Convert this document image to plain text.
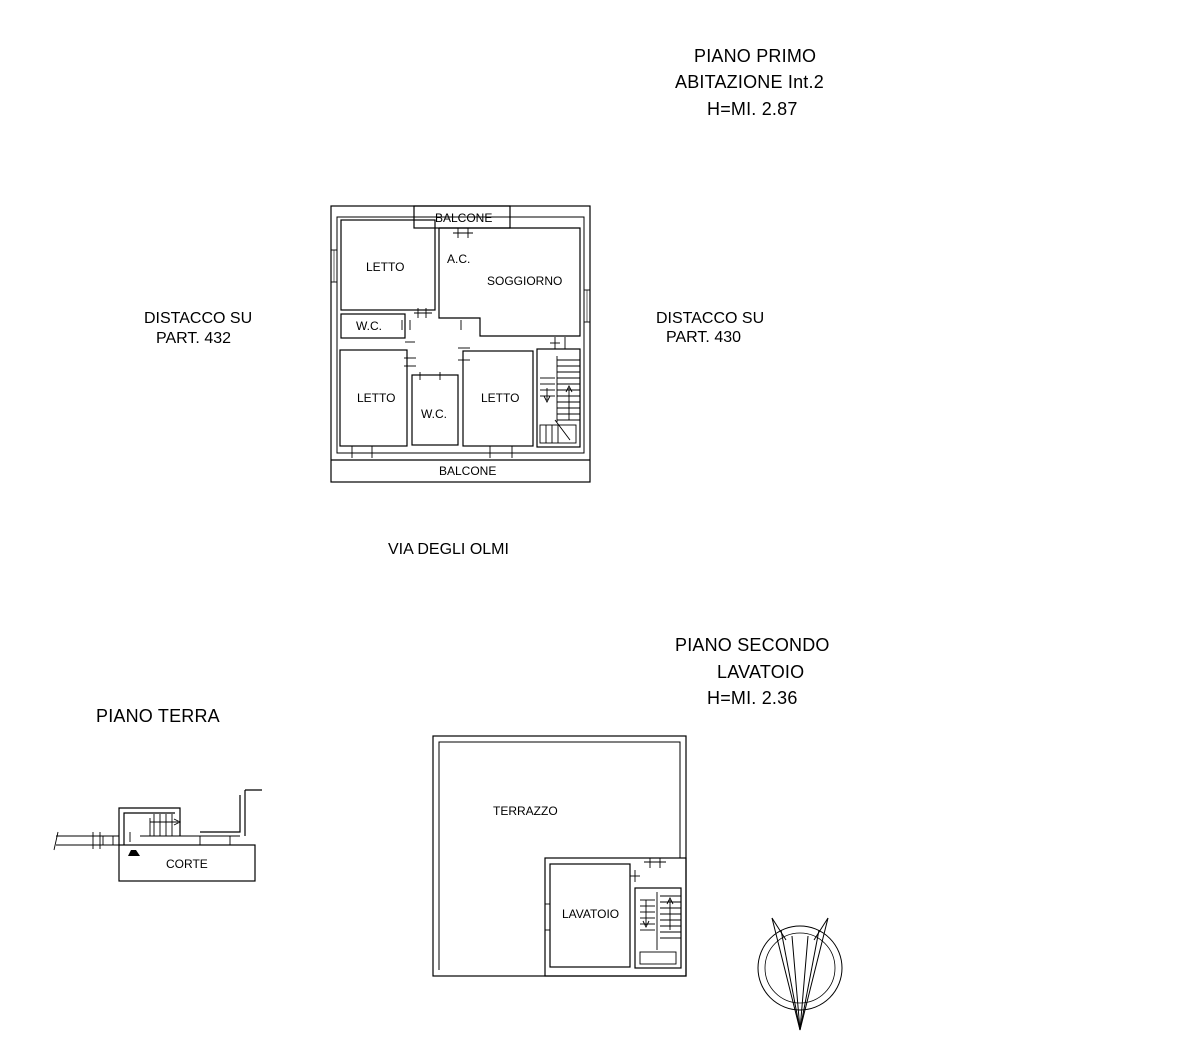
PIANO PRIMO
ABITAZIONE Int.2
H=MI. 2.87
DISTACCO SU
PART. 432
DISTACCO SU
PART. 430
VIA DEGLI OLMI
PIANO SECONDO
LAVATOIO
H=MI. 2.36
PIANO TERRA
BALCONE
LETTO
A.C.
SOGGIORNO
W.C.
LETTO
W.C.
LETTO
BALCONE
TERRAZZO
LAVATOIO
CORTE
